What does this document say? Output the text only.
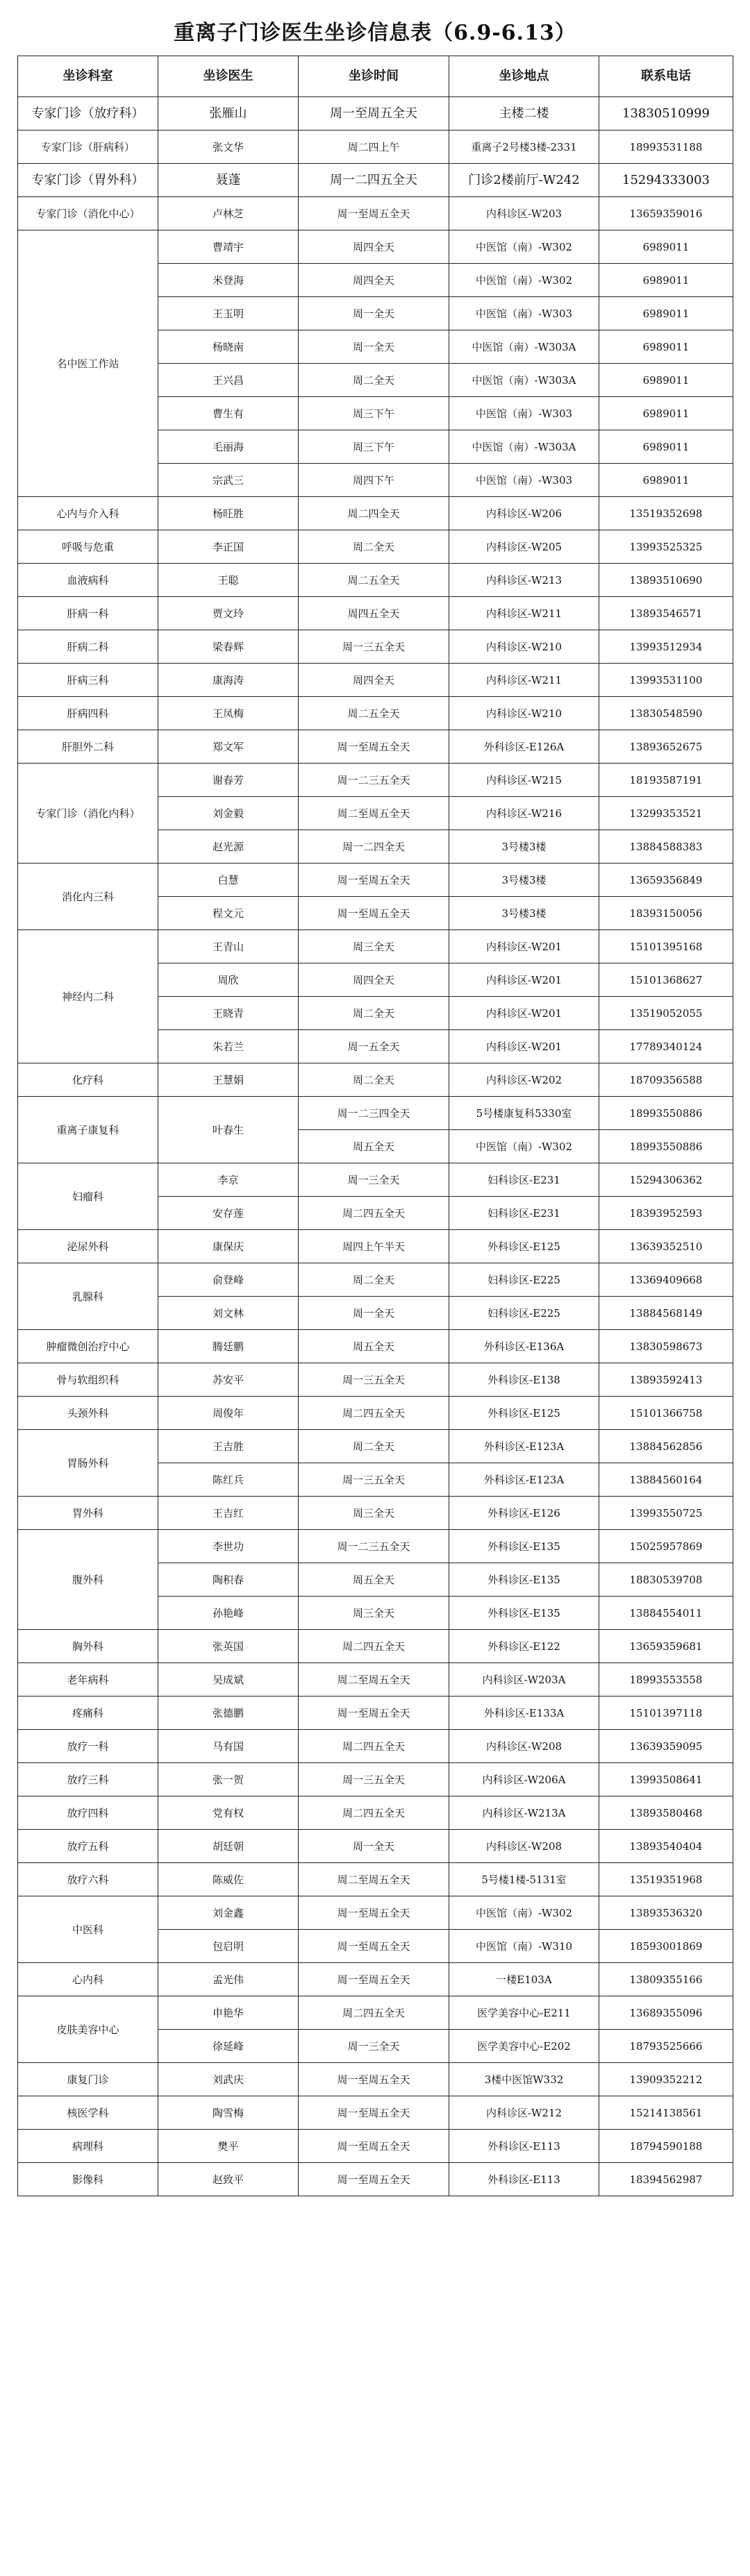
重离子门诊医生坐诊信息表（6.9-6.13）
坐诊科室	坐诊医生	坐诊时间	坐诊地点	联系电话
专家门诊（放疗科）	张雁山	周一至周五全天	主楼二楼	13830510999
专家门诊（肝病科）	张文华	周二四上午	重离子2号楼3楼-2331	18993531188
专家门诊（胃外科）	聂蓬	周一二四五全天	门诊2楼前厅-W242	15294333003
专家门诊（消化中心）	卢林芝	周一至周五全天	内科诊区-W203	13659359016
名中医工作站	曹靖宇	周四全天	中医馆（南）-W302	6989011
	米登海	周四全天	中医馆（南）-W302	6989011
	王玉明	周一全天	中医馆（南）-W303	6989011
	杨晓南	周一全天	中医馆（南）-W303A	6989011
	王兴昌	周二全天	中医馆（南）-W303A	6989011
	曹生有	周三下午	中医馆（南）-W303	6989011
	毛丽海	周三下午	中医馆（南）-W303A	6989011
	宗武三	周四下午	中医馆（南）-W303	6989011
心内与介入科	杨旺胜	周二四全天	内科诊区-W206	13519352698
呼吸与危重	李正国	周二全天	内科诊区-W205	13993525325
血液病科	王聪	周二五全天	内科诊区-W213	13893510690
肝病一科	贾文玲	周四五全天	内科诊区-W211	13893546571
肝病二科	梁春辉	周一三五全天	内科诊区-W210	13993512934
肝病三科	康海涛	周四全天	内科诊区-W211	13993531100
肝病四科	王凤梅	周二五全天	内科诊区-W210	13830548590
肝胆外二科	郑文军	周一至周五全天	外科诊区-E126A	13893652675
专家门诊（消化内科）	谢春芳	周一二三五全天	内科诊区-W215	18193587191
	刘金毅	周二至周五全天	内科诊区-W216	13299353521
	赵光源	周一二四全天	3号楼3楼	13884588383
消化内三科	白慧	周一至周五全天	3号楼3楼	13659356849
	程文元	周一至周五全天	3号楼3楼	18393150056
神经内二科	王青山	周三全天	内科诊区-W201	15101395168
	周欣	周四全天	内科诊区-W201	15101368627
	王晓青	周二全天	内科诊区-W201	13519052055
	朱若兰	周一五全天	内科诊区-W201	17789340124
化疗科	王慧娟	周二全天	内科诊区-W202	18709356588
重离子康复科	叶春生	周一二三四全天	5号楼康复科5330室	18993550886
		周五全天	中医馆（南）-W302	18993550886
妇瘤科	李京	周一三全天	妇科诊区-E231	15294306362
	安存莲	周二四五全天	妇科诊区-E231	18393952593
泌尿外科	康保庆	周四上午半天	外科诊区-E125	13639352510
乳腺科	俞登峰	周二全天	妇科诊区-E225	13369409668
	刘文林	周一全天	妇科诊区-E225	13884568149
肿瘤微创治疗中心	腾廷鹏	周五全天	外科诊区-E136A	13830598673
骨与软组织科	苏安平	周一三五全天	外科诊区-E138	13893592413
头颈外科	周俊年	周二四五全天	外科诊区-E125	15101366758
胃肠外科	王吉胜	周二全天	外科诊区-E123A	13884562856
	陈红兵	周一三五全天	外科诊区-E123A	13884560164
胃外科	王吉红	周三全天	外科诊区-E126	13993550725
腹外科	李世功	周一二三五全天	外科诊区-E135	15025957869
	陶积春	周五全天	外科诊区-E135	18830539708
	孙艳峰	周三全天	外科诊区-E135	13884554011
胸外科	张英国	周二四五全天	外科诊区-E122	13659359681
老年病科	吴成斌	周二至周五全天	内科诊区-W203A	18993553558
疼痛科	张德鹏	周一至周五全天	外科诊区-E133A	15101397118
放疗一科	马有国	周二四五全天	内科诊区-W208	13639359095
放疗三科	张一贺	周一三五全天	内科诊区-W206A	13993508641
放疗四科	党有权	周二四五全天	内科诊区-W213A	13893580468
放疗五科	胡廷朝	周一全天	内科诊区-W208	13893540404
放疗六科	陈威佐	周二至周五全天	5号楼1楼-5131室	13519351968
中医科	刘金鑫	周一至周五全天	中医馆（南）-W302	13893536320
	包启明	周一至周五全天	中医馆（南）-W310	18593001869
心内科	孟光伟	周一至周五全天	一楼E103A	13809355166
皮肤美容中心	申艳华	周二四五全天	医学美容中心-E211	13689355096
	徐延峰	周一三全天	医学美容中心-E202	18793525666
康复门诊	刘武庆	周一至周五全天	3楼中医馆W332	13909352212
核医学科	陶雪梅	周一至周五全天	内科诊区-W212	15214138561
病理科	樊平	周一至周五全天	外科诊区-E113	18794590188
影像科	赵致平	周一至周五全天	外科诊区-E113	18394562987
